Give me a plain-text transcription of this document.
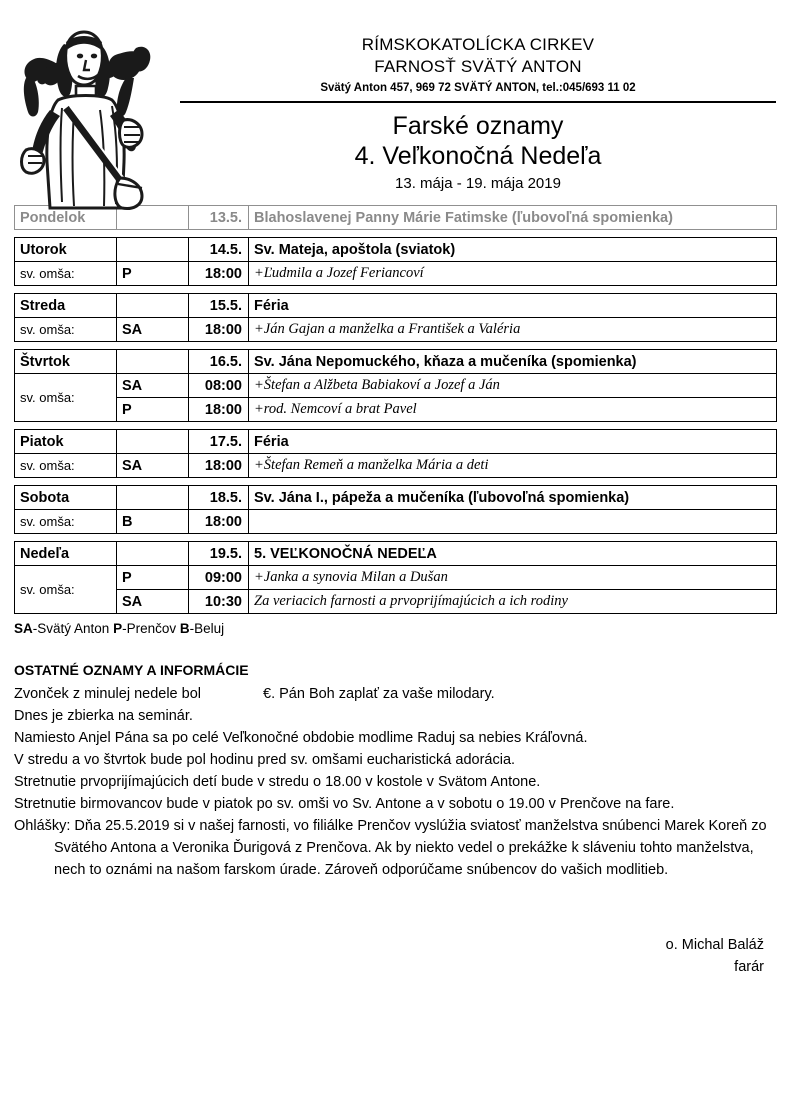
RÍMSKOKATOLÍCKA CIRKEV
FARNOSŤ SVÄTÝ ANTON
Svätý Anton 457, 969 72 SVÄTÝ ANTON, tel.:045/693 11 02
Farské oznamy
4. Veľkonočná Nedeľa
13. mája - 19. mája 2019
Pondelok		13.5.	Blahoslavenej Panny Márie Fatimske (ľubovoľná spomienka)
Utorok		14.5.	Sv. Mateja, apoštola (sviatok)
sv. omša:	P	18:00	+Ľudmila a Jozef Feriancoví
Streda		15.5.	Féria
sv. omša:	SA	18:00	+Ján Gajan a manželka a František a Valéria
Štvrtok		16.5.	Sv. Jána Nepomuckého, kňaza a mučeníka (spomienka)
sv. omša:	SA	08:00	+Štefan a Alžbeta Babiakoví a Jozef a Ján
	P	18:00	+rod. Nemcoví a brat Pavel
Piatok		17.5.	Féria
sv. omša:	SA	18:00	+Štefan Remeň a manželka Mária a deti
Sobota		18.5.	Sv. Jána I., pápeža a mučeníka (ľubovoľná spomienka)
sv. omša:	B	18:00	
Nedeľa		19.5.	5. VEĽKONOČNÁ NEDEĽA
sv. omša:	P	09:00	+Janka a synovia Milan a Dušan
	SA	10:30	Za veriacich farnosti a prvoprijímajúcich a ich rodiny
SA-Svätý Anton P-Prenčov B-Beluj
OSTATNÉ OZNAMY A INFORMÁCIE
Zvonček z minulej nedele bol	€. Pán Boh zaplať za vaše milodary.
Dnes je zbierka na seminár.
Namiesto Anjel Pána sa po celé Veľkonočné obdobie modlime Raduj sa nebies Kráľovná.
V stredu a vo štvrtok bude pol hodinu pred sv. omšami eucharistická adorácia.
Stretnutie prvoprijímajúcich detí bude v stredu o 18.00 v kostole v Svätom Antone.
Stretnutie birmovancov bude v piatok po sv. omši vo Sv. Antone a v sobotu o 19.00 v Prenčove na fare.
Ohlášky: Dňa 25.5.2019 si v našej farnosti, vo filiálke Prenčov vyslúžia sviatosť manželstva snúbenci Marek Koreň zo Svätého Antona a Veronika Ďurigová z Prenčova. Ak by niekto vedel o prekážke k sláveniu tohto manželstva, nech to oznámi na našom farskom úrade. Zároveň odporúčame snúbencov do vašich modlitieb.
o. Michal Baláž
farár
